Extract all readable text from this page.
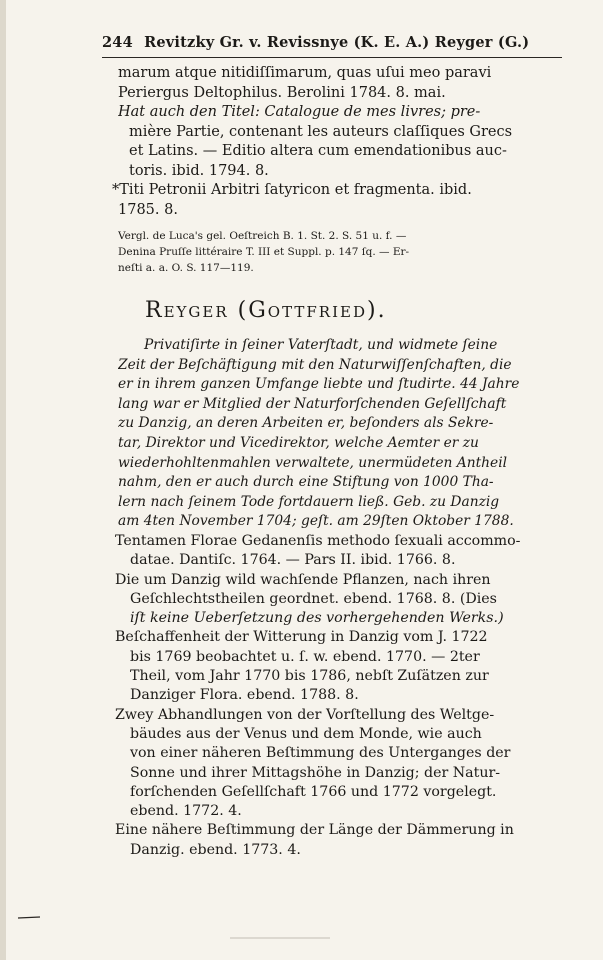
244 Revitzky Gr. v. Revissnye (K. E. A.) Reyger (G.)
marum atque nitidiſſimarum, quas uſui meo paravi
Periergus Deltophilus. Berolini 1784. 8. mai.
Hat auch den Titel: Catalogue de mes livres; pre-
mière Partie, contenant les auteurs claſſiques Grecs
et Latins. — Editio altera cum emendationibus auc-
toris. ibid. 1794. 8.
*Titi Petronii Arbitri ſatyricon et fragmenta. ibid.
1785. 8.
Vergl. de Luca's gel. Oeſtreich B. 1. St. 2. S. 51 u. f. —
Denina Pruſſe littéraire T. III et Suppl. p. 147 ſq. — Er-
neſti a. a. O. S. 117—119.
Reyger (Gottfried).
Privatiſirte in ſeiner Vaterſtadt, und widmete ſeine
Zeit der Beſchäftigung mit den Naturwiſſenſchaften, die
er in ihrem ganzen Umfange liebte und ſtudirte. 44 Jahre
lang war er Mitglied der Naturforſchenden Geſellſchaft
zu Danzig, an deren Arbeiten er, beſonders als Sekre-
tar, Direktor und Vicedirektor, welche Aemter er zu
wiederhohltenmahlen verwaltete, unermüdeten Antheil
nahm, den er auch durch eine Stiftung von 1000 Tha-
lern nach ſeinem Tode fortdauern ließ. Geb. zu Danzig
am 4ten November 1704; geſt. am 29ſten Oktober 1788.
Tentamen Florae Gedanenſis methodo ſexuali accommo-
datae. Dantiſc. 1764. — Pars II. ibid. 1766. 8.
Die um Danzig wild wachſende Pflanzen, nach ihren
Geſchlechtstheilen geordnet. ebend. 1768. 8. (Dies
iſt keine Ueberſetzung des vorhergehenden Werks.)
Beſchaffenheit der Witterung in Danzig vom J. 1722
bis 1769 beobachtet u. ſ. w. ebend. 1770. — 2ter
Theil, vom Jahr 1770 bis 1786, nebſt Zuſätzen zur
Danziger Flora. ebend. 1788. 8.
Zwey Abhandlungen von der Vorſtellung des Weltge-
bäudes aus der Venus und dem Monde, wie auch
von einer näheren Beſtimmung des Unterganges der
Sonne und ihrer Mittagshöhe in Danzig; der Natur-
forſchenden Geſellſchaft 1766 und 1772 vorgelegt.
ebend. 1772. 4.
Eine nähere Beſtimmung der Länge der Dämmerung in
Danzig. ebend. 1773. 4.
